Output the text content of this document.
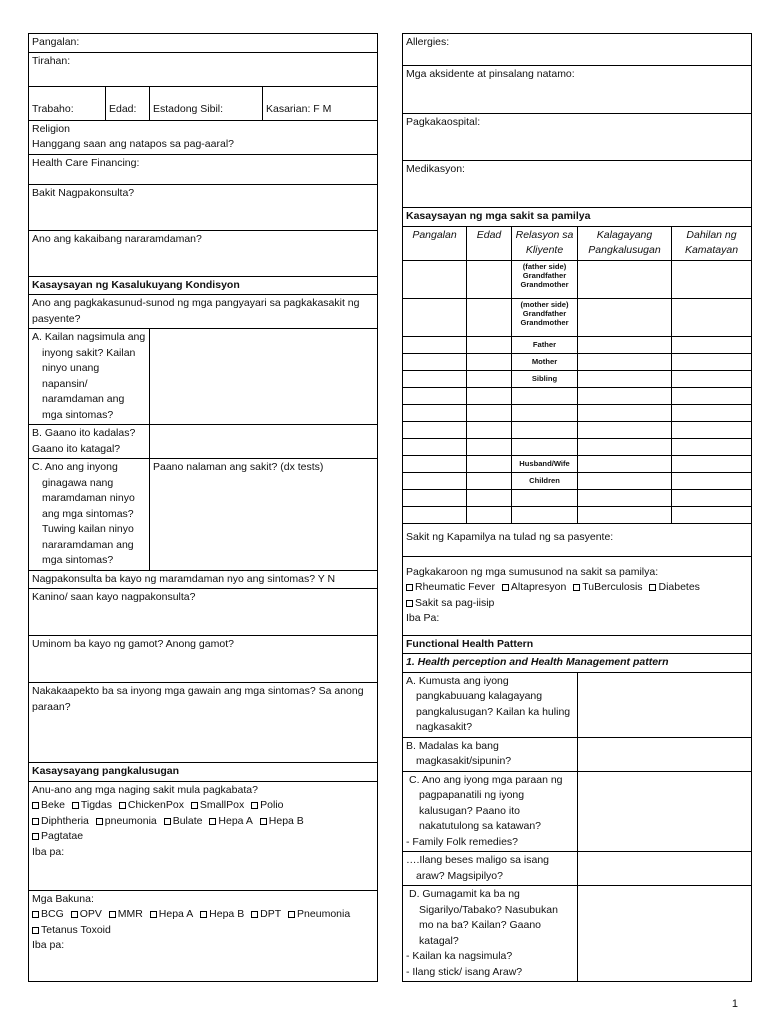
Pangalan:			
Tirahan:			

Trabaho:	Edad:	Estadong Sibil:	Kasarian: F M

Religion
Hanggang saan ang natapos sa pag-aaral?			

Health Care Financing:			
Bakit Nagpakonsulta?			
Ano ang kakaibang nararamdaman?			
Kasaysayan ng Kasalukuyang Kondisyon			
Ano ang pagkakasunud-sunod ng mga pangyayari sa pagkakasakit ng pasyente?			
A. Kailan nagsimula ang inyong sakit? Kailan ninyo unang napansin/ naramdaman ang mga sintomas?			
B. Gaano ito kadalas? Gaano ito katagal?			
C. Ano ang inyong ginagawa nang maramdaman ninyo ang mga sintomas? Tuwing kailan ninyo nararamdaman ang mga sintomas?		Paano nalaman ang sakit? (dx tests)	
Nagpakonsulta ba kayo ng maramdaman nyo ang sintomas? Y N			
Kanino/ saan kayo nagpakonsulta?			
Uminom ba kayo ng gamot? Anong gamot?			
Nakakaapekto ba sa inyong mga gawain ang mga sintomas? Sa anong paraan?			
Kasaysayang pangkalusugan			

Anu-ano ang mga naging sakit mula pagkabata?
Beke Tigdas ChickenPox SmallPox Polio
Diphtheria pneumonia Bulate Hepa A Hepa B
Pagtatae
Iba pa:			

Mga Bakuna:
BCG OPV MMR Hepa A Hepa B DPT Pneumonia
Tetanus Toxoid
Iba pa:			
Allergies:				
Mga aksidente at pinsalang natamo:				
Pagkakaospital:				
Medikasyon:				
Kasaysayan ng mga sakit sa pamilya				
Pangalan	Edad	Relasyon sa Kliyente	Kalagayang Pangkalusugan	Dahilan ng Kamatayan
		(father side) Grandfather Grandmother		
		(mother side) Grandfather Grandmother		
		Father		
		Mother		
		Sibling		

		Husband/Wife		
		Children		

Sakit ng Kapamilya na tulad ng sa pasyente:				

Pagkakaroon ng mga sumusunod na sakit sa pamilya:
Rheumatic Fever Altapresyon TuBerculosis Diabetes
Sakit sa pag-iisip
Iba Pa:				

Functional Health Pattern				
1. Health perception and Health Management pattern				
A. Kumusta ang iyong pangkabuuang kalagayang pangkalusugan? Kailan ka huling nagkasakit?				
B. Madalas ka bang magkasakit/sipunin?				

C. Ano ang iyong mga paraan ng pagpapanatili ng iyong kalusugan? Paano ito nakatutulong sa katawan?
- Family Folk remedies?				

….Ilang beses maligo sa isang araw? Magsipilyo?				

D. Gumagamit ka ba ng Sigarilyo/Tabako? Nasubukan mo na ba? Kailan? Gaano katagal?
- Kailan ka nagsimula?
- Ilang stick/ isang Araw?				

1
